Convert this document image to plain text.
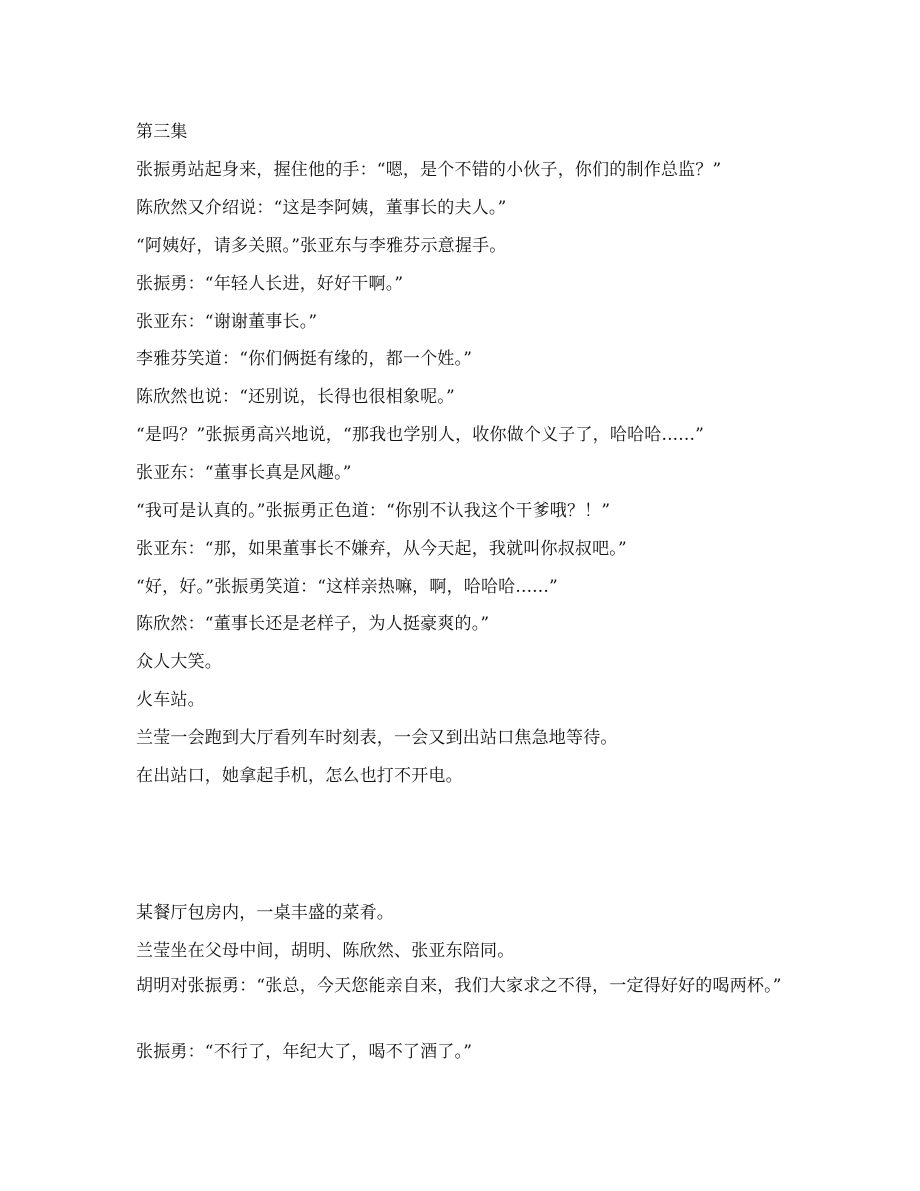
第三集
张振勇站起身来，握住他的手：“嗯，是个不错的小伙子，你们的制作总监？”
陈欣然又介绍说：“这是李阿姨，董事长的夫人。”
“阿姨好，请多关照。”张亚东与李雅芬示意握手。
张振勇：“年轻人长进，好好干啊。”
张亚东：“谢谢董事长。”
李雅芬笑道：“你们俩挺有缘的，都一个姓。”
陈欣然也说：“还别说，长得也很相象呢。”
“是吗？”张振勇高兴地说，“那我也学别人，收你做个义子了，哈哈哈......”
张亚东：“董事长真是风趣。”
“我可是认真的。”张振勇正色道：“你别不认我这个干爹哦？！”
张亚东：“那，如果董事长不嫌弃，从今天起，我就叫你叔叔吧。”
“好，好。”张振勇笑道：“这样亲热嘛，啊，哈哈哈......”
陈欣然：“董事长还是老样子，为人挺豪爽的。”
众人大笑。
火车站。
兰莹一会跑到大厅看列车时刻表，一会又到出站口焦急地等待。
在出站口，她拿起手机，怎么也打不开电。
某餐厅包房内，一桌丰盛的菜肴。
兰莹坐在父母中间，胡明、陈欣然、张亚东陪同。
胡明对张振勇：“张总，今天您能亲自来，我们大家求之不得，一定得好好的喝两杯。”
张振勇：“不行了，年纪大了，喝不了酒了。”
